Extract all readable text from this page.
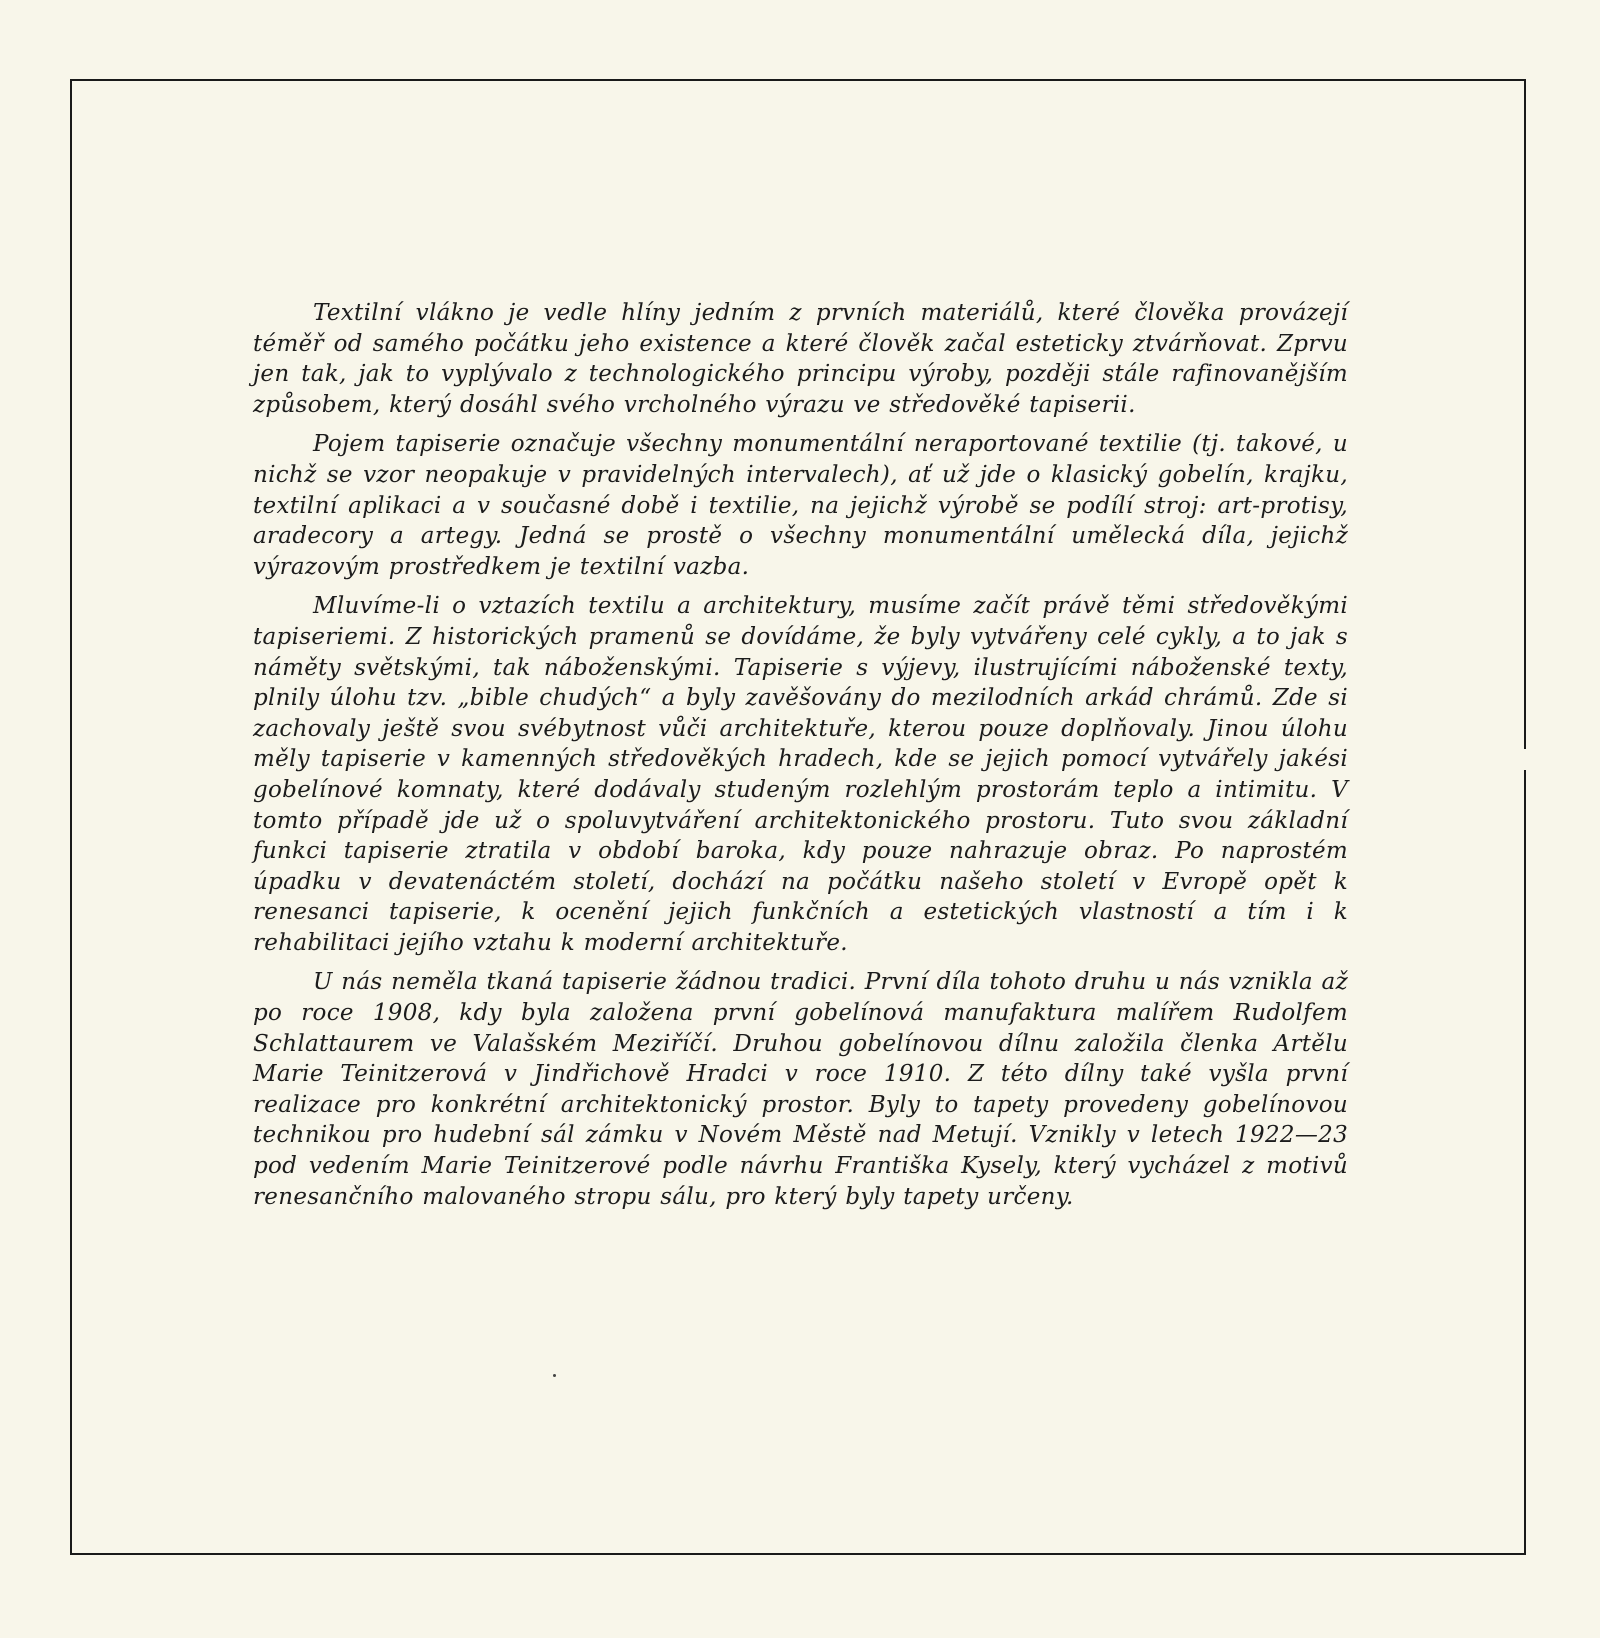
Textilní vlákno je vedle hlíny jedním z prvních materiálů, které člověka provázejí téměř od samého počátku jeho existence a které člověk začal esteticky ztvárňovat. Zprvu jen tak, jak to vyplývalo z technologického principu výroby, později stále rafinovanějším způsobem, který dosáhl svého vrcholného výrazu ve středověké tapiserii.

Pojem tapiserie označuje všechny monumentální neraportované textilie (tj. takové, u nichž se vzor neopakuje v pravidelných intervalech), ať už jde o klasický gobelín, krajku, textilní aplikaci a v současné době i textilie, na jejichž výrobě se podílí stroj: art-protisy, aradecory a artegy. Jedná se prostě o všechny monumentální umělecká díla, jejichž výrazovým prostředkem je textilní vazba.

Mluvíme-li o vztazích textilu a architektury, musíme začít právě těmi středověkými tapiseriemi. Z historických pramenů se dovídáme, že byly vytvářeny celé cykly, a to jak s náměty světskými, tak náboženskými. Tapiserie s výjevy, ilustrujícími náboženské texty, plnily úlohu tzv. „bible chudých“ a byly zavěšovány do mezilodních arkád chrámů. Zde si zachovaly ještě svou svébytnost vůči architektuře, kterou pouze doplňovaly. Jinou úlohu měly tapiserie v kamenných středověkých hradech, kde se jejich pomocí vytvářely jakési gobelínové komnaty, které dodávaly studeným rozlehlým prostorám teplo a intimitu. V tomto případě jde už o spoluvytváření architektonického prostoru. Tuto svou základní funkci tapiserie ztratila v období baroka, kdy pouze nahrazuje obraz. Po naprostém úpadku v devatenáctém století, dochází na počátku našeho století v Evropě opět k renesanci tapiserie, k ocenění jejich funkčních a estetických vlastností a tím i k rehabilitaci jejího vztahu k moderní architektuře.

U nás neměla tkaná tapiserie žádnou tradici. První díla tohoto druhu u nás vznikla až po roce 1908, kdy byla založena první gobelínová manufaktura malířem Rudolfem Schlattaurem ve Valašském Meziříčí. Druhou gobelínovou dílnu založila členka Artělu Marie Teinitzerová v Jindřichově Hradci v roce 1910. Z této dílny také vyšla první realizace pro konkrétní architektonický prostor. Byly to tapety provedeny gobelínovou technikou pro hudební sál zámku v Novém Městě nad Metují. Vznikly v letech 1922—23 pod vedením Marie Teinitzerové podle návrhu Františka Kysely, který vycházel z motivů renesančního malovaného stropu sálu, pro který byly tapety určeny.
